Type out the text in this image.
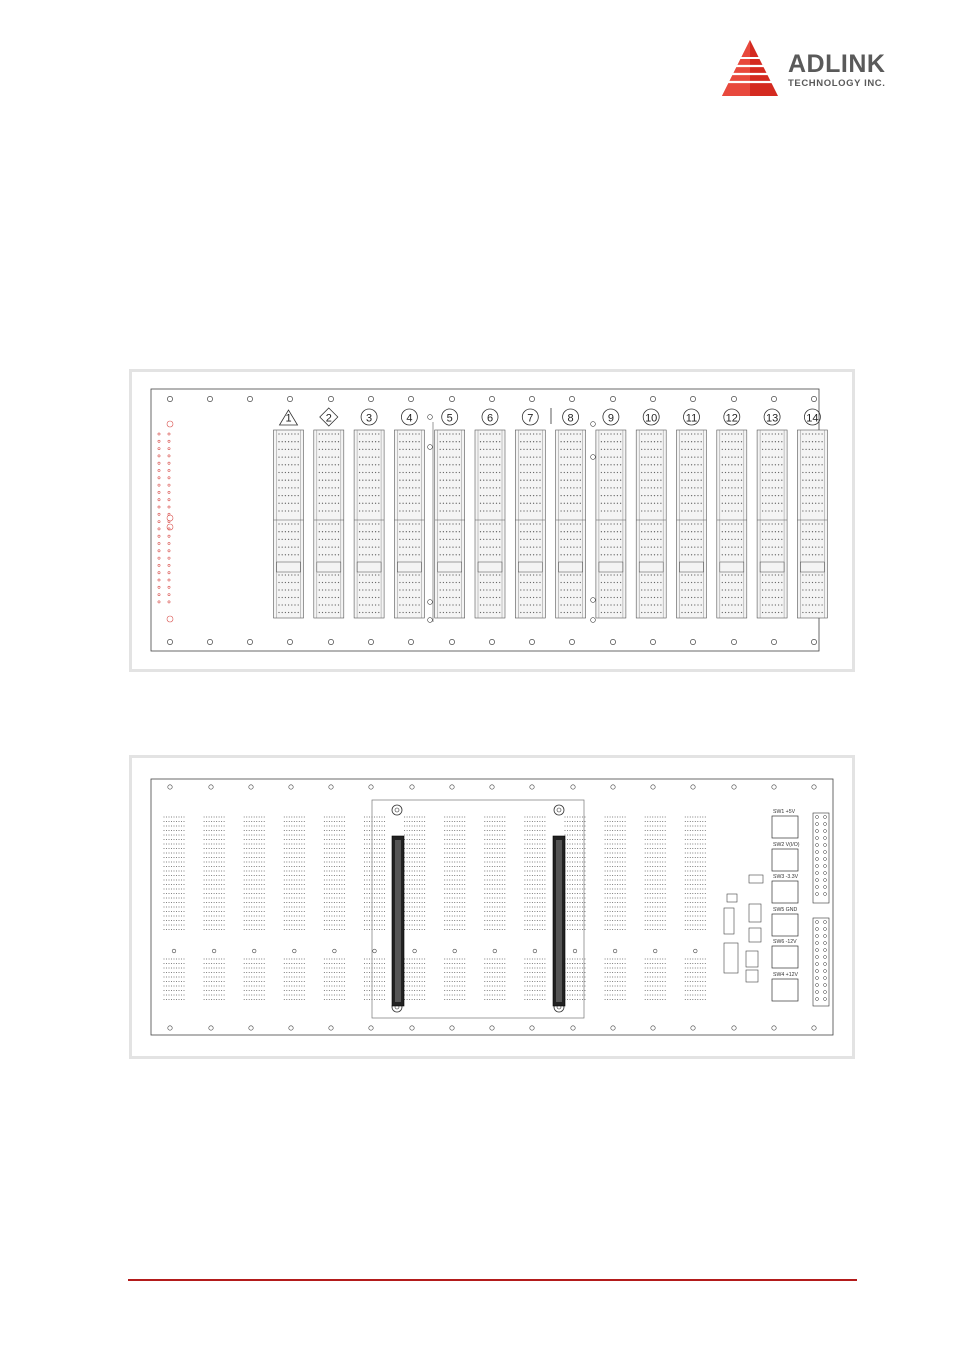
ADLINK
TECHNOLOGY INC.
1	2	3	4	5	6	7	8	9	10	11	12	13	14
SW1 +5V
SW2 V(I/O)
SW3 -3.3V
SW5 GND
SW6 -12V
SW4 +12V
